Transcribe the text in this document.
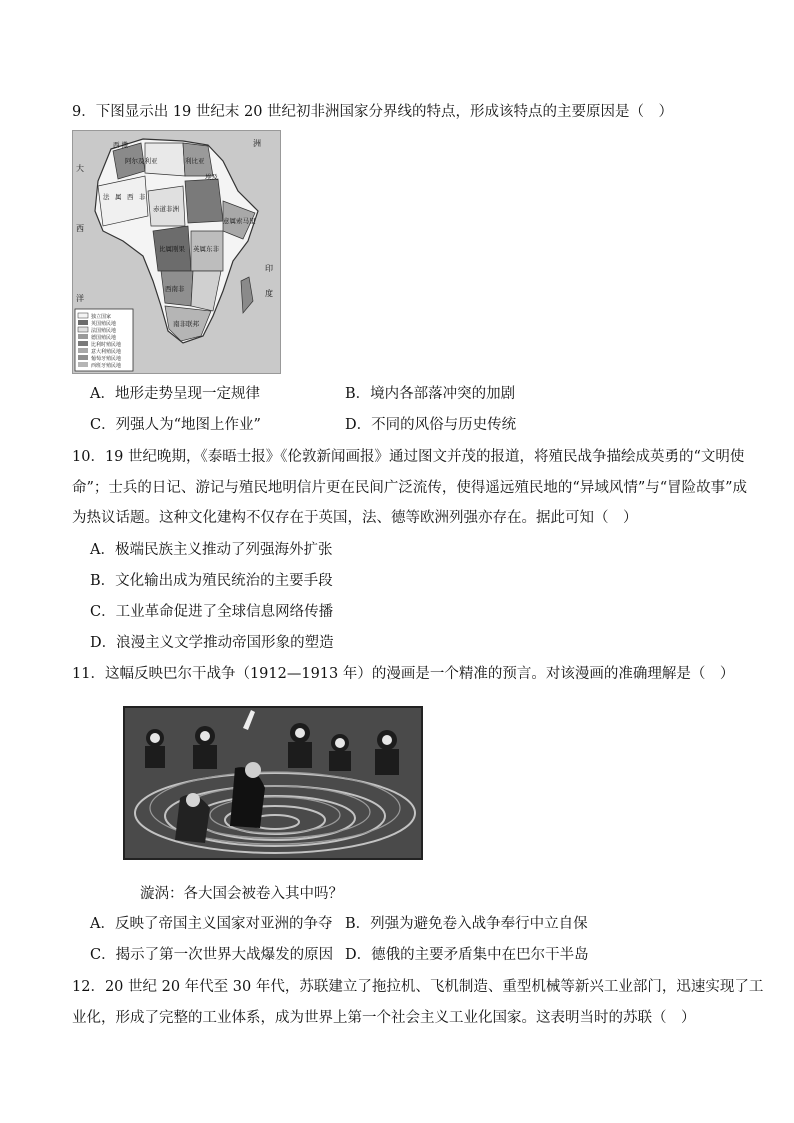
9．下图显示出 19 世纪末 20 世纪初非洲国家分界线的特点，形成该特点的主要原因是（　）
独立国家
英国殖民地
法国殖民地
德国殖民地
比利时殖民地
意大利殖民地
葡萄牙殖民地
西班牙殖民地
大
西
洋
印
度
洲
西 撒
阿尔及利亚	利比亚
埃及
法 属 西 非
赤道非洲
比属刚果 英属东非
意属索马里
西南非
南非联邦
A．地形走势呈现一定规律	B．境内各部落冲突的加剧
C．列强人为“地图上作业”	D．不同的风俗与历史传统
10．19 世纪晚期，《泰晤士报》《伦敦新闻画报》通过图文并茂的报道，将殖民战争描绘成英勇的“文明使
命”；士兵的日记、游记与殖民地明信片更在民间广泛流传，使得遥远殖民地的“异域风情”与“冒险故事”成
为热议话题。这种文化建构不仅存在于英国，法、德等欧洲列强亦存在。据此可知（　）
A．极端民族主义推动了列强海外扩张
B．文化输出成为殖民统治的主要手段
C．工业革命促进了全球信息网络传播
D．浪漫主义文学推动帝国形象的塑造
11．这幅反映巴尔干战争（1912—1913 年）的漫画是一个精准的预言。对该漫画的准确理解是（　）
漩涡：各大国会被卷入其中吗？
A．反映了帝国主义国家对亚洲的争夺 B．列强为避免卷入战争奉行中立自保
C．揭示了第一次世界大战爆发的原因 D．德俄的主要矛盾集中在巴尔干半岛
12．20 世纪 20 年代至 30 年代，苏联建立了拖拉机、飞机制造、重型机械等新兴工业部门，迅速实现了工
业化，形成了完整的工业体系，成为世界上第一个社会主义工业化国家。这表明当时的苏联（　）
